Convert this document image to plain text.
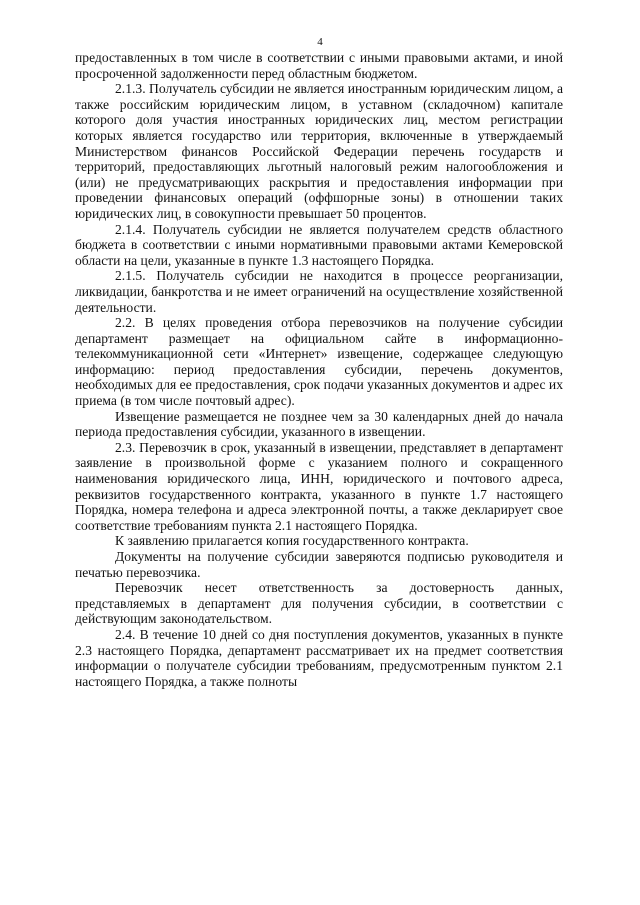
4

предоставленных в том числе в соответствии с иными правовыми актами, и иной просроченной задолженности перед областным бюджетом.

2.1.3. Получатель субсидии не является иностранным юридическим лицом, а также российским юридическим лицом, в уставном (складочном) капитале которого доля участия иностранных юридических лиц, местом регистрации которых является государство или территория, включенные в утверждаемый Министерством финансов Российской Федерации перечень государств и территорий, предоставляющих льготный налоговый режим налогообложения и (или) не предусматривающих раскрытия и предоставления информации при проведении финансовых операций (оффшорные зоны) в отношении таких юридических лиц, в совокупности превышает 50 процентов.

2.1.4. Получатель субсидии не является получателем средств областного бюджета в соответствии с иными нормативными правовыми актами Кемеровской области на цели, указанные в пункте 1.3 настоящего Порядка.

2.1.5. Получатель субсидии не находится в процессе реорганизации, ликвидации, банкротства и не имеет ограничений на осуществление хозяйственной деятельности.

2.2. В целях проведения отбора перевозчиков на получение субсидии департамент размещает на официальном сайте в информационно-телекоммуникационной сети «Интернет» извещение, содержащее следующую информацию: период предоставления субсидии, перечень документов, необходимых для ее предоставления, срок подачи указанных документов и адрес их приема (в том числе почтовый адрес).

Извещение размещается не позднее чем за 30 календарных дней до начала периода предоставления субсидии, указанного в извещении.

2.3. Перевозчик в срок, указанный в извещении, представляет в департамент заявление в произвольной форме с указанием полного и сокращенного наименования юридического лица, ИНН, юридического и почтового адреса, реквизитов государственного контракта, указанного в пункте 1.7 настоящего Порядка, номера телефона и адреса электронной почты, а также декларирует свое соответствие требованиям пункта 2.1 настоящего Порядка.

К заявлению прилагается копия государственного контракта.

Документы на получение субсидии заверяются подписью руководителя и печатью перевозчика.

Перевозчик несет ответственность за достоверность данных, представляемых в департамент для получения субсидии, в соответствии с действующим законодательством.

2.4. В течение 10 дней со дня поступления документов, указанных в пункте 2.3 настоящего Порядка, департамент рассматривает их на предмет соответствия информации о получателе субсидии требованиям, предусмотренным пунктом 2.1 настоящего Порядка, а также полноты
